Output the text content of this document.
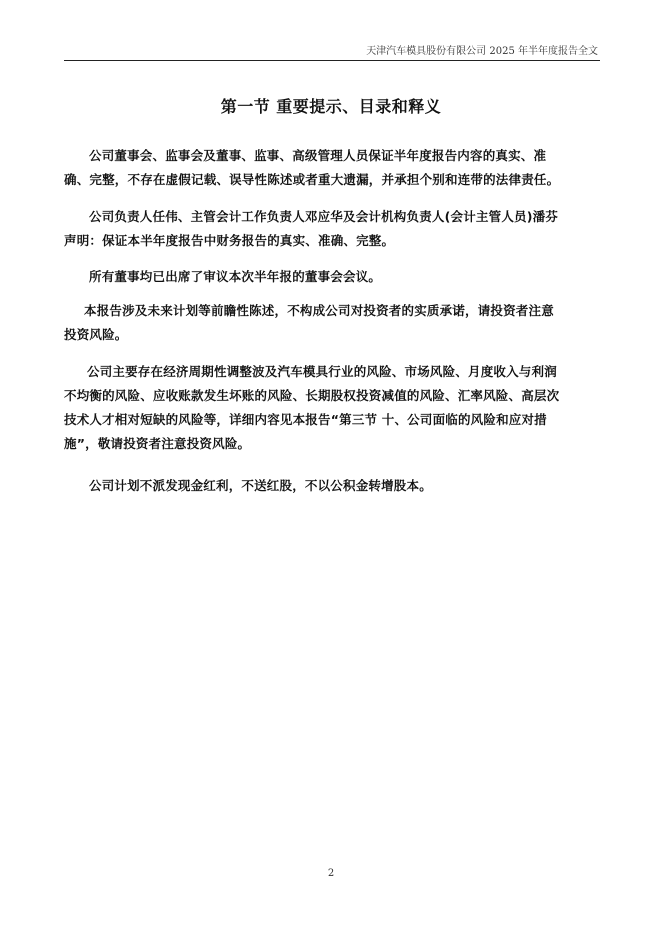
天津汽车模具股份有限公司 2025 年半年度报告全文
第一节 重要提示、目录和释义
公司董事会、监事会及董事、监事、高级管理人员保证半年度报告内容的真实、准
确、完整，不存在虚假记载、误导性陈述或者重大遗漏，并承担个别和连带的法律责任。
公司负责人任伟、主管会计工作负责人邓应华及会计机构负责人(会计主管人员)潘芬
声明：保证本半年度报告中财务报告的真实、准确、完整。
所有董事均已出席了审议本次半年报的董事会会议。
本报告涉及未来计划等前瞻性陈述，不构成公司对投资者的实质承诺，请投资者注意
投资风险。
公司主要存在经济周期性调整波及汽车模具行业的风险、市场风险、月度收入与利润
不均衡的风险、应收账款发生坏账的风险、长期股权投资减值的风险、汇率风险、高层次
技术人才相对短缺的风险等，详细内容见本报告“第三节 十、公司面临的风险和应对措
施”，敬请投资者注意投资风险。
公司计划不派发现金红利，不送红股，不以公积金转增股本。
2
